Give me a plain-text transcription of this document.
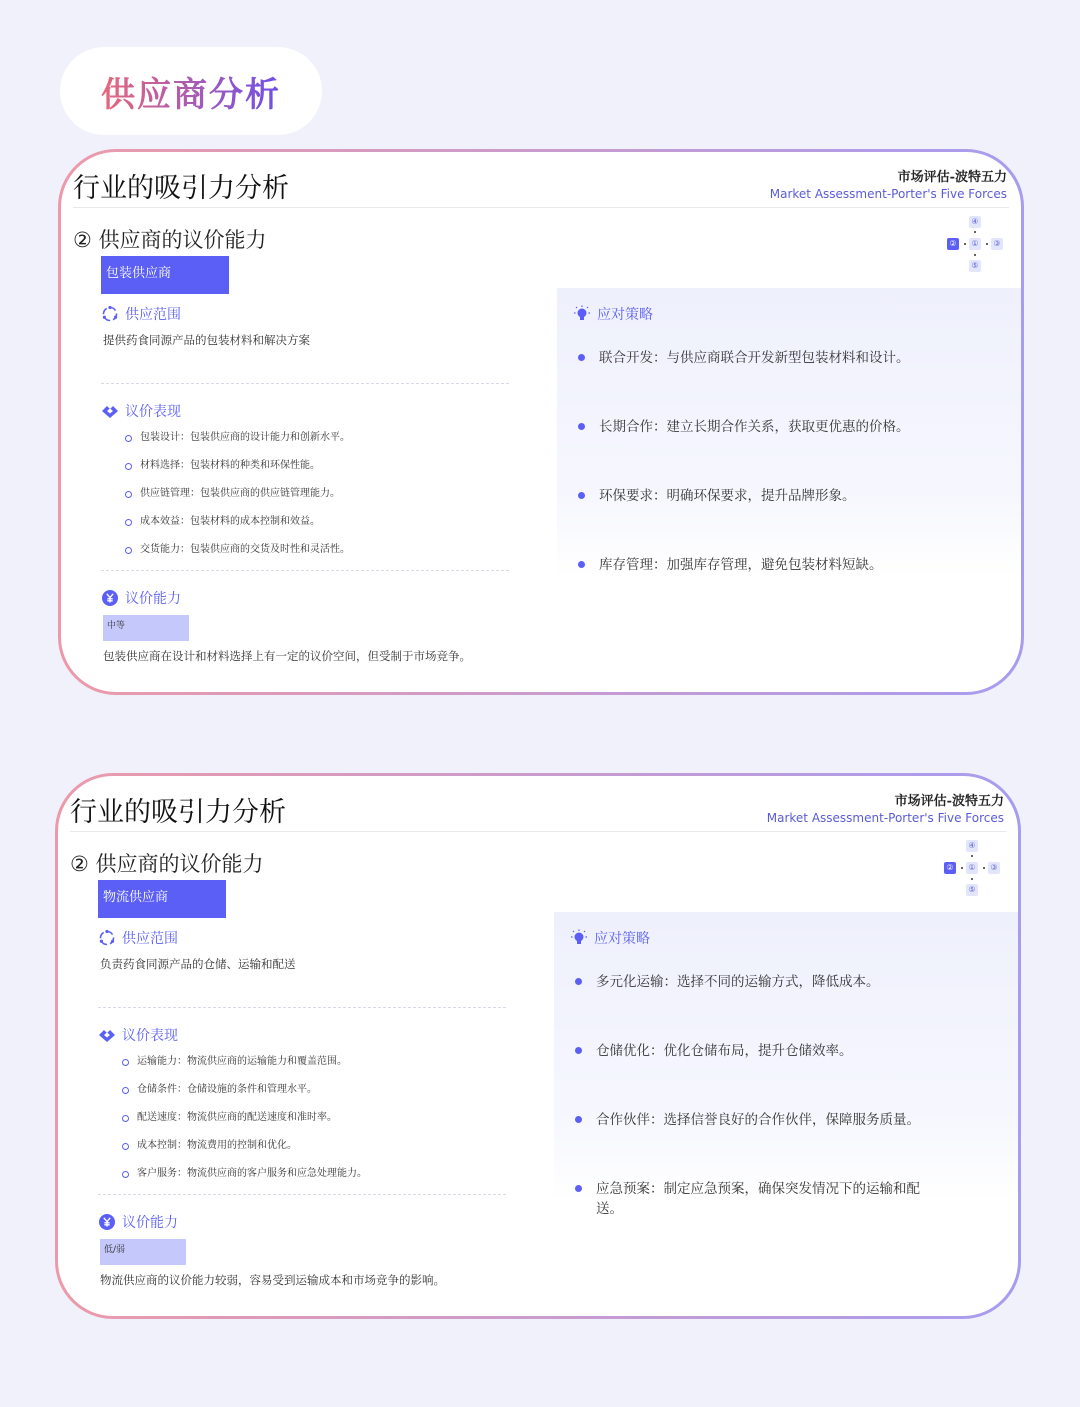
供应商分析
行业的吸引力分析	市场评估-波特五力
Market Assessment-Porter's Five Forces
④
②	①	③
⑤
② 供应商的议价能力
包装供应商
供应范围
提供药食同源产品的包装材料和解决方案
议价表现
包装设计：包装供应商的设计能力和创新水平。
材料选择：包装材料的种类和环保性能。
供应链管理：包装供应商的供应链管理能力。
成本效益：包装材料的成本控制和效益。
交货能力：包装供应商的交货及时性和灵活性。
议价能力
中等
包装供应商在设计和材料选择上有一定的议价空间，但受制于市场竞争。
应对策略
联合开发：与供应商联合开发新型包装材料和设计。
长期合作：建立长期合作关系，获取更优惠的价格。
环保要求：明确环保要求，提升品牌形象。
库存管理：加强库存管理，避免包装材料短缺。
行业的吸引力分析	市场评估-波特五力
Market Assessment-Porter's Five Forces
④
②	①	③
⑤
② 供应商的议价能力
物流供应商
供应范围
负责药食同源产品的仓储、运输和配送
议价表现
运输能力：物流供应商的运输能力和覆盖范围。
仓储条件：仓储设施的条件和管理水平。
配送速度：物流供应商的配送速度和准时率。
成本控制：物流费用的控制和优化。
客户服务：物流供应商的客户服务和应急处理能力。
议价能力
低/弱
物流供应商的议价能力较弱，容易受到运输成本和市场竞争的影响。
应对策略
多元化运输：选择不同的运输方式，降低成本。
仓储优化：优化仓储布局，提升仓储效率。
合作伙伴：选择信誉良好的合作伙伴，保障服务质量。
应急预案：制定应急预案，确保突发情况下的运输和配送。
